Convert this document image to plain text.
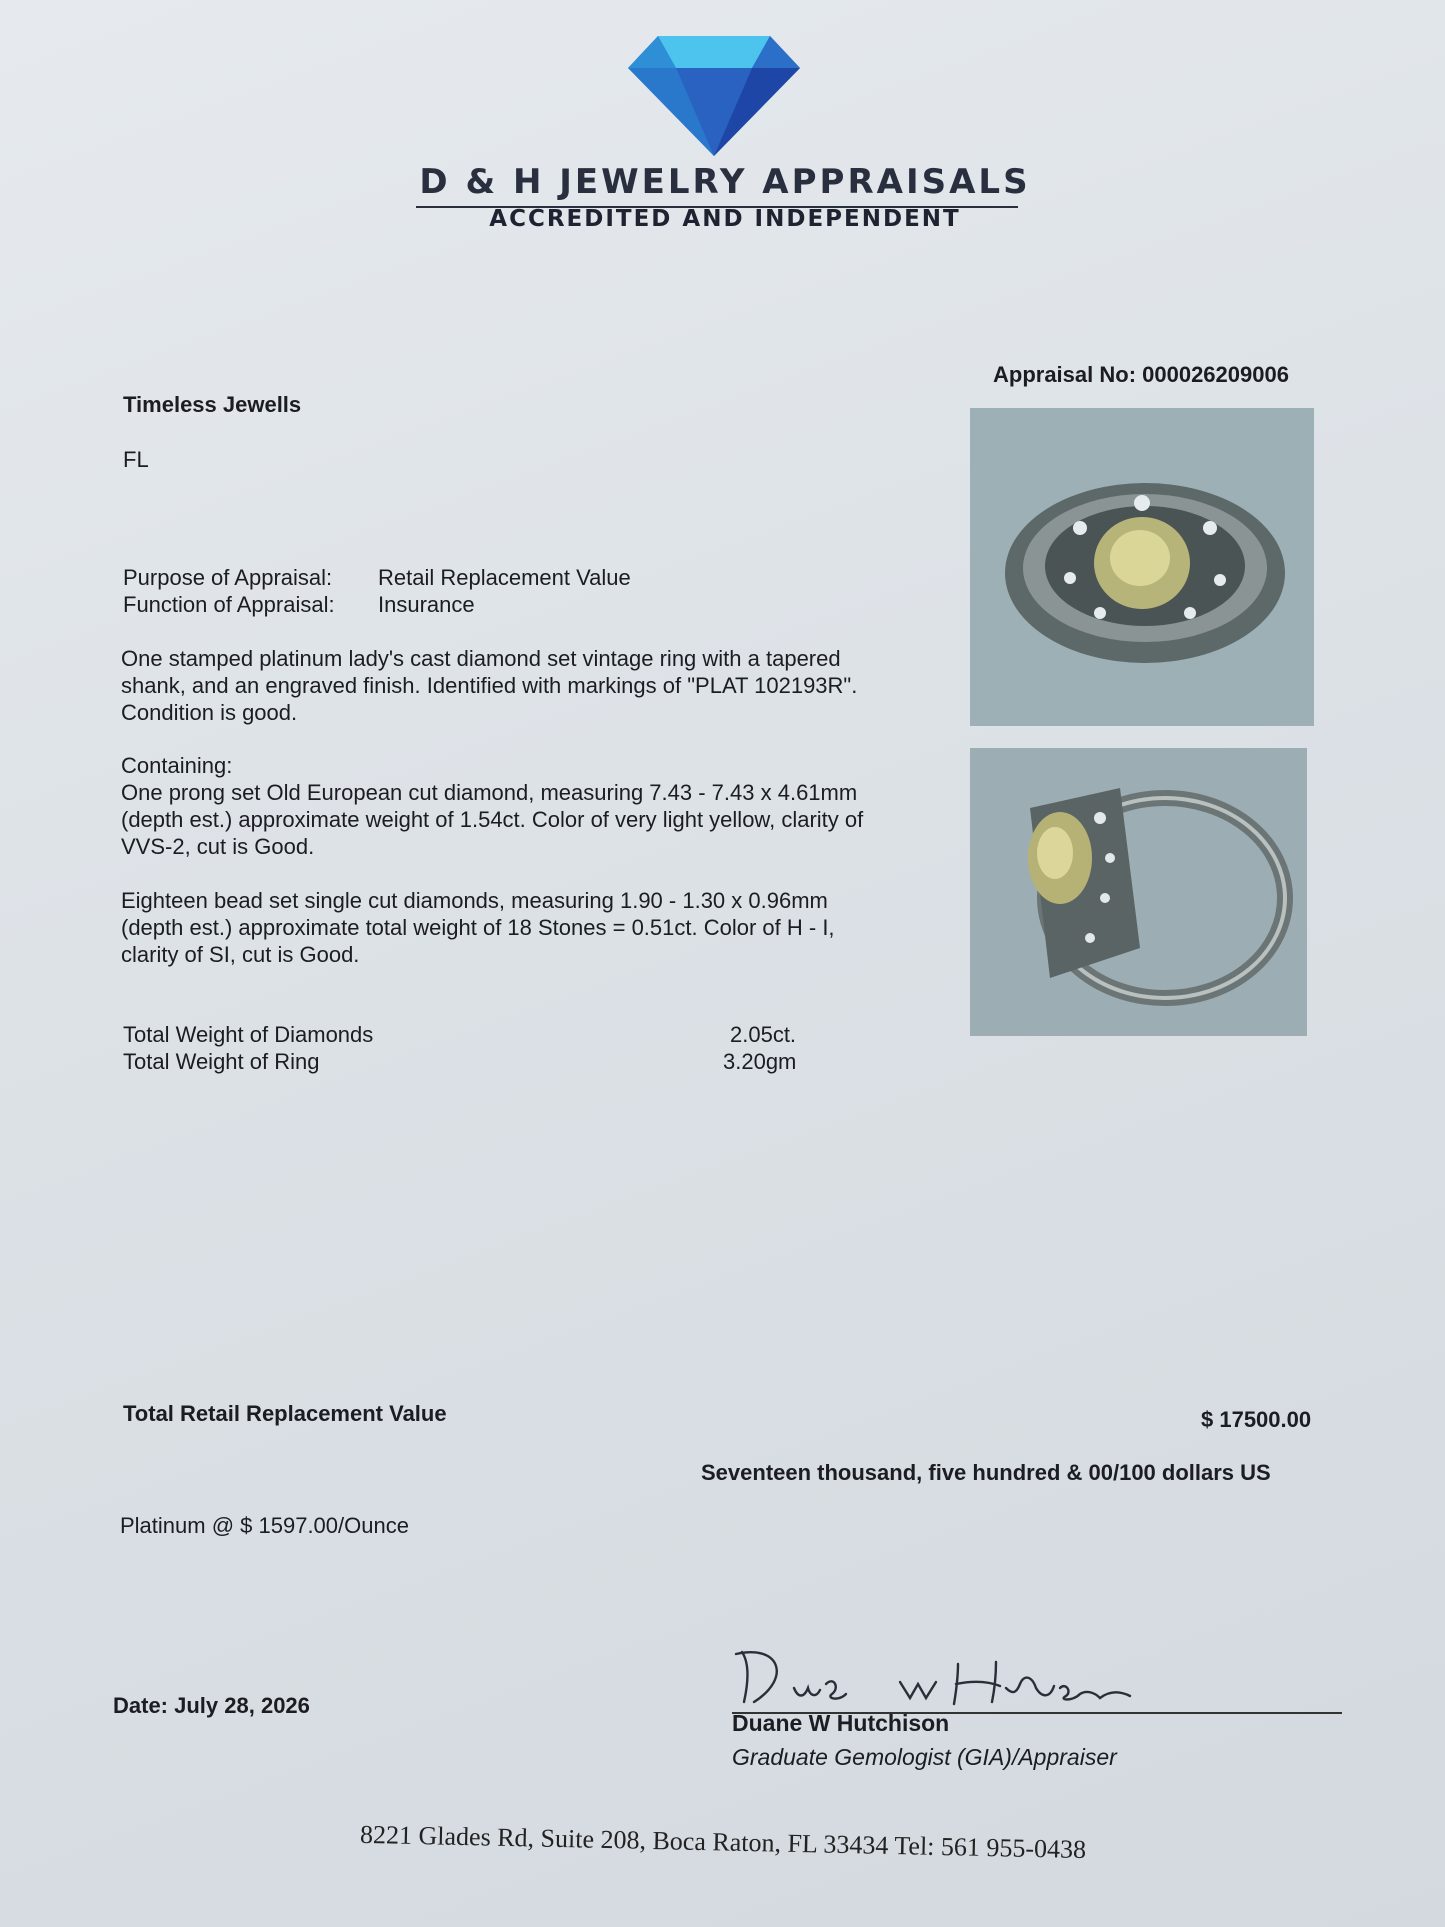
D & H JEWELRY APPRAISALS
ACCREDITED AND INDEPENDENT
Appraisal No: 000026209006
Timeless Jewells
FL
Purpose of Appraisal: Retail Replacement Value
Function of Appraisal: Insurance

One stamped platinum lady's cast diamond set vintage ring with a tapered

shank, and an engraved finish. Identified with markings of "PLAT 102193R".

Condition is good.

Containing:

One prong set Old European cut diamond, measuring 7.43 - 7.43 x 4.61mm

(depth est.) approximate weight of 1.54ct. Color of very light yellow, clarity of

VVS-2, cut is Good.

Eighteen bead set single cut diamonds, measuring 1.90 - 1.30 x 0.96mm

(depth est.) approximate total weight of 18 Stones = 0.51ct. Color of H - I,

clarity of SI, cut is Good.

Total Weight of Diamonds	2.05ct.
Total Weight of Ring	3.20gm
Total Retail Replacement Value	$ 17500.00
Seventeen thousand, five hundred & 00/100 dollars US
Platinum @ $ 1597.00/Ounce
Date: July 28, 2026
Duane W Hutchison
Graduate Gemologist (GIA)/Appraiser
8221 Glades Rd, Suite 208, Boca Raton, FL 33434 Tel: 561 955-0438
